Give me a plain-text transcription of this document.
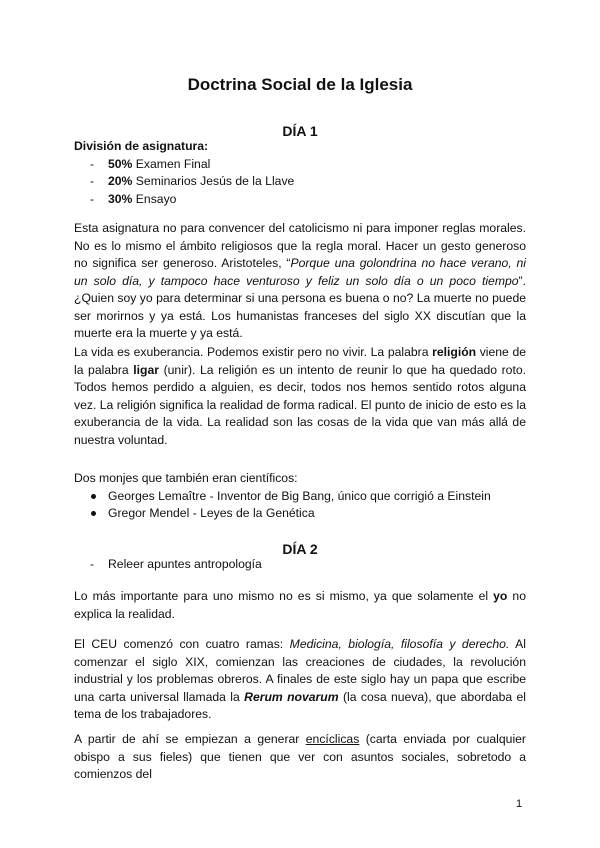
Doctrina Social de la Iglesia
DÍA 1
División de asignatura:
- 50% Examen Final
- 20% Seminarios Jesús de la Llave
- 30% Ensayo

Esta asignatura no para convencer del catolicismo ni para imponer reglas morales. No es lo mismo el ámbito religiosos que la regla moral. Hacer un gesto generoso no significa ser generoso. Aristoteles, “Porque una golondrina no hace verano, ni un solo día, y tampoco hace venturoso y feliz un solo día o un poco tiempo”. ¿Quien soy yo para determinar si una persona es buena o no? La muerte no puede ser morirnos y ya está. Los humanistas franceses del siglo XX discutían que la muerte era la muerte y ya está.

La vida es exuberancia. Podemos existir pero no vivir. La palabra religión viene de la palabra ligar (unir). La religión es un intento de reunir lo que ha quedado roto. Todos hemos perdido a alguien, es decir, todos nos hemos sentido rotos alguna vez. La religión significa la realidad de forma radical. El punto de inicio de esto es la exuberancia de la vida. La realidad son las cosas de la vida que van más allá de nuestra voluntad.

Dos monjes que también eran científicos:
Georges Lemaître - Inventor de Big Bang, único que corrigió a Einstein
Gregor Mendel - Leyes de la Genética
DÍA 2
- Releer apuntes antropología

Lo más importante para uno mismo no es si mismo, ya que solamente el yo no explica la realidad.

El CEU comenzó con cuatro ramas: Medicina, biología, filosofía y derecho. Al comenzar el siglo XIX, comienzan las creaciones de ciudades, la revolución industrial y los problemas obreros. A finales de este siglo hay un papa que escribe una carta universal llamada la Rerum novarum (la cosa nueva), que abordaba el tema de los trabajadores.

A partir de ahí se empiezan a generar encíclicas (carta enviada por cualquier obispo a sus fieles) que tienen que ver con asuntos sociales, sobretodo a comienzos del

1
